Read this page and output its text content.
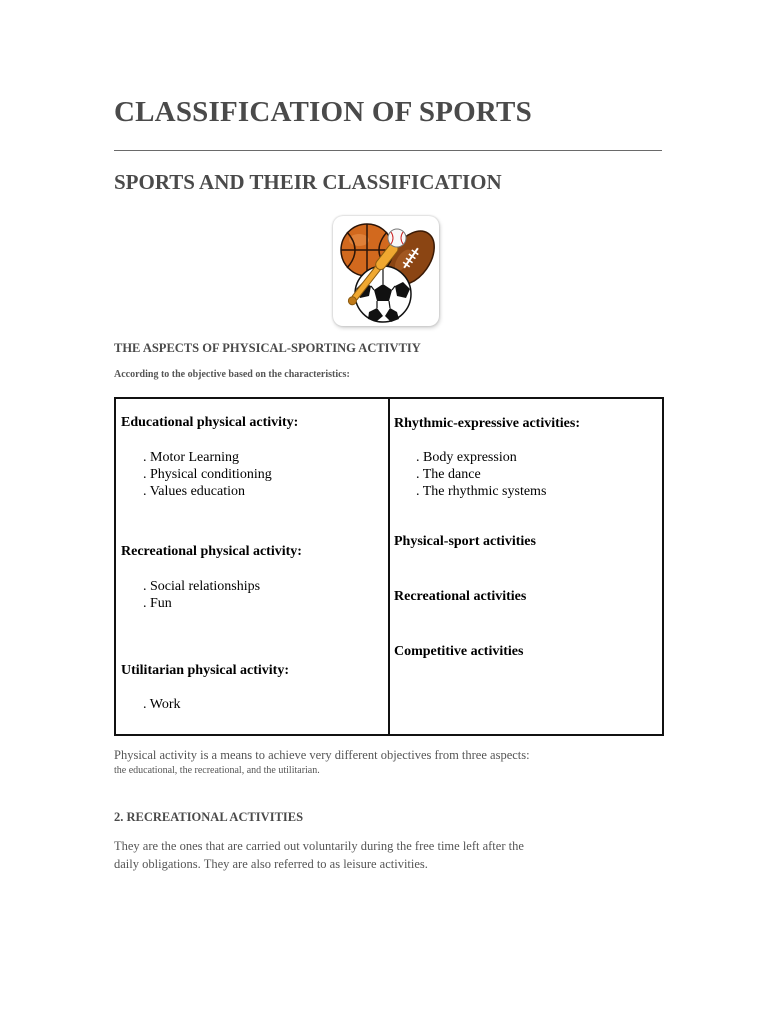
CLASSIFICATION OF SPORTS
SPORTS AND THEIR CLASSIFICATION
THE ASPECTS OF PHYSICAL-SPORTING ACTIVTIY

According to the objective based on the characteristics:

Educational physical activity:
. Motor Learning
. Physical conditioning
. Values education
Recreational physical activity:
. Social relationships
. Fun
Utilitarian physical activity:
. Work
Rhythmic-expressive activities:
. Body expression
. The dance
. The rhythmic systems
Physical-sport activities
Recreational activities
Competitive activities

Physical activity is a means to achieve very different objectives from three aspects:

the educational, the recreational, and the utilitarian.

2. RECREATIONAL ACTIVITIES

They are the ones that are carried out voluntarily during the free time left after the
daily obligations. They are also referred to as leisure activities.
